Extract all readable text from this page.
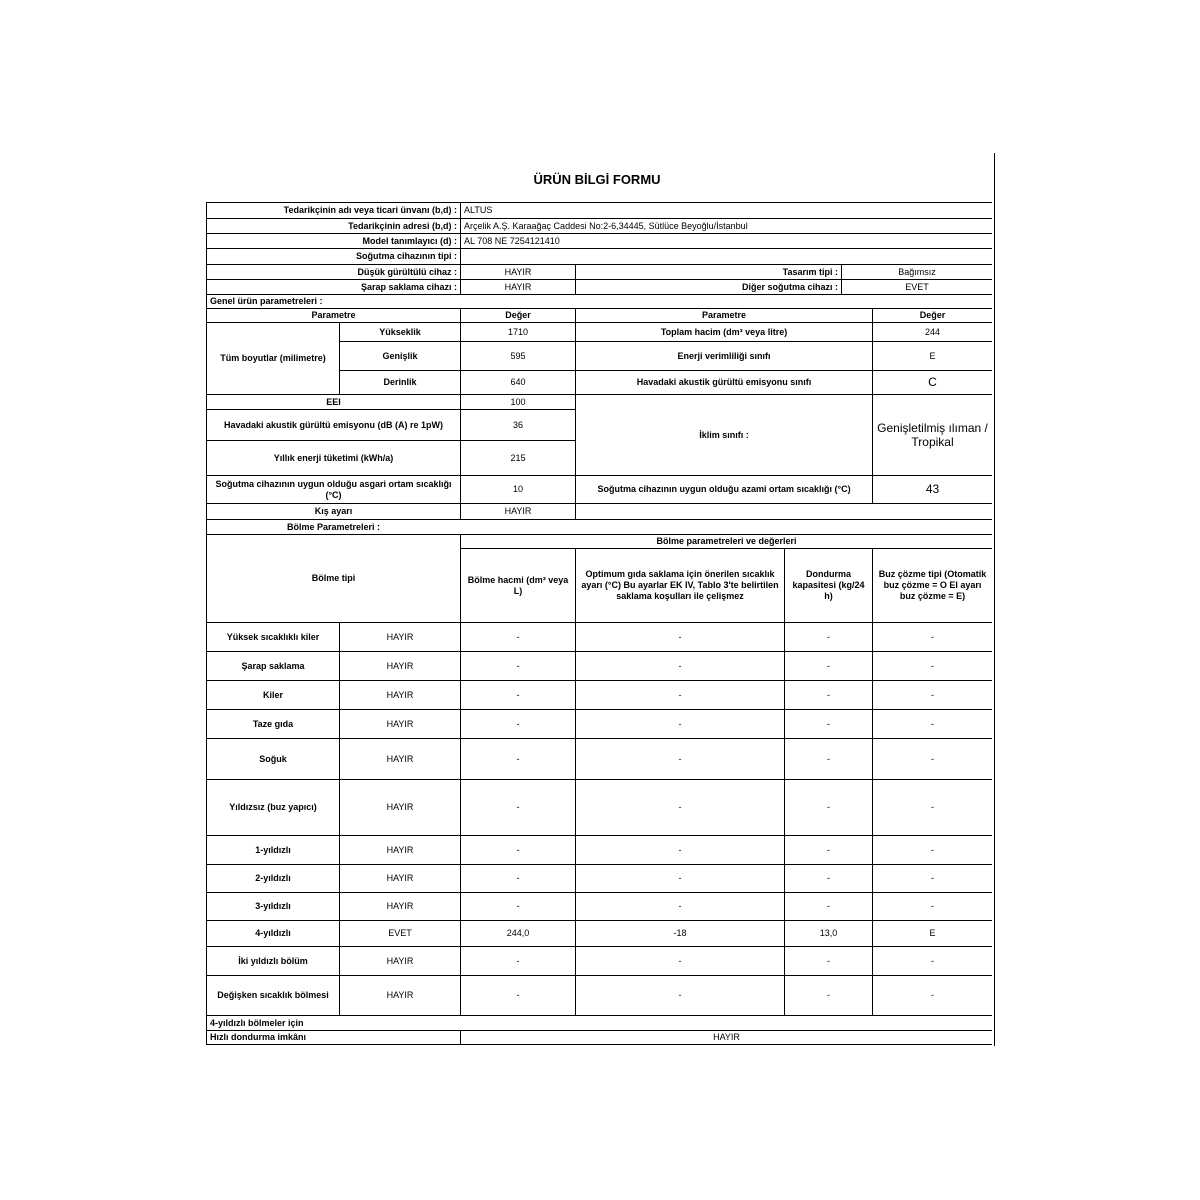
ÜRÜN BİLGİ FORMU
Tedarikçinin adı veya ticari ünvanı (b,d) :		ALTUS				
Tedarikçinin adresi (b,d) :		Arçelik A.Ş. Karaağaç Caddesi No:2-6,34445, Sütlüce Beyoğlu/İstanbul				
Model tanımlayıcı (d) :		AL 708 NE 7254121410				
Soğutma cihazının tipi :						
Düşük gürültülü cihaz :		HAYIR	Tasarım tipi :		Bağımsız	
Şarap saklama cihazı :		HAYIR	Diğer soğutma cihazı :		EVET	
Genel ürün parametreleri :						
Parametre		Değer	Parametre			Değer
Tüm boyutlar (milimetre)	Yükseklik	1710	Toplam hacim (dm³ veya litre)			244
	Genişlik	595	Enerji verimliliği sınıfı			E
	Derinlik	640	Havadaki akustik gürültü emisyonu sınıfı			C
EEI		100	İklim sınıfı :			Genişletilmiş ılıman / Tropikal
Havadaki akustik gürültü emisyonu (dB (A) re 1pW)		36				
Yıllık enerji tüketimi (kWh/a)		215				
Soğutma cihazının uygun olduğu asgari ortam sıcaklığı (°C)		10	Soğutma cihazının uygun olduğu azami ortam sıcaklığı (°C)			43
Kış ayarı		HAYIR				
Bölme Parametreleri :						
Bölme tipi		Bölme parametreleri ve değerleri				
		Bölme hacmi (dm³ veya L)	Optimum gıda saklama için önerilen sıcaklık ayarı (°C) Bu ayarlar EK IV, Tablo 3'te belirtilen saklama koşulları ile çelişmez	Dondurma kapasitesi (kg/24 h)		Buz çözme tipi (Otomatik buz çözme = O El ayarı buz çözme = E)
Yüksek sıcaklıklı kiler	HAYIR	-	-	-		-
Şarap saklama	HAYIR	-	-	-		-
Kiler	HAYIR	-	-	-		-
Taze gıda	HAYIR	-	-	-		-
Soğuk	HAYIR	-	-	-		-
Yıldızsız (buz yapıcı)	HAYIR	-	-	-		-
1-yıldızlı	HAYIR	-	-	-		-
2-yıldızlı	HAYIR	-	-	-		-
3-yıldızlı	HAYIR	-	-	-		-
4-yıldızlı	EVET	244,0	-18	13,0		E
İki yıldızlı bölüm	HAYIR	-	-	-		-
Değişken sıcaklık bölmesi	HAYIR	-	-	-		-
4-yıldızlı bölmeler için						
Hızlı dondurma imkânı		HAYIR				
